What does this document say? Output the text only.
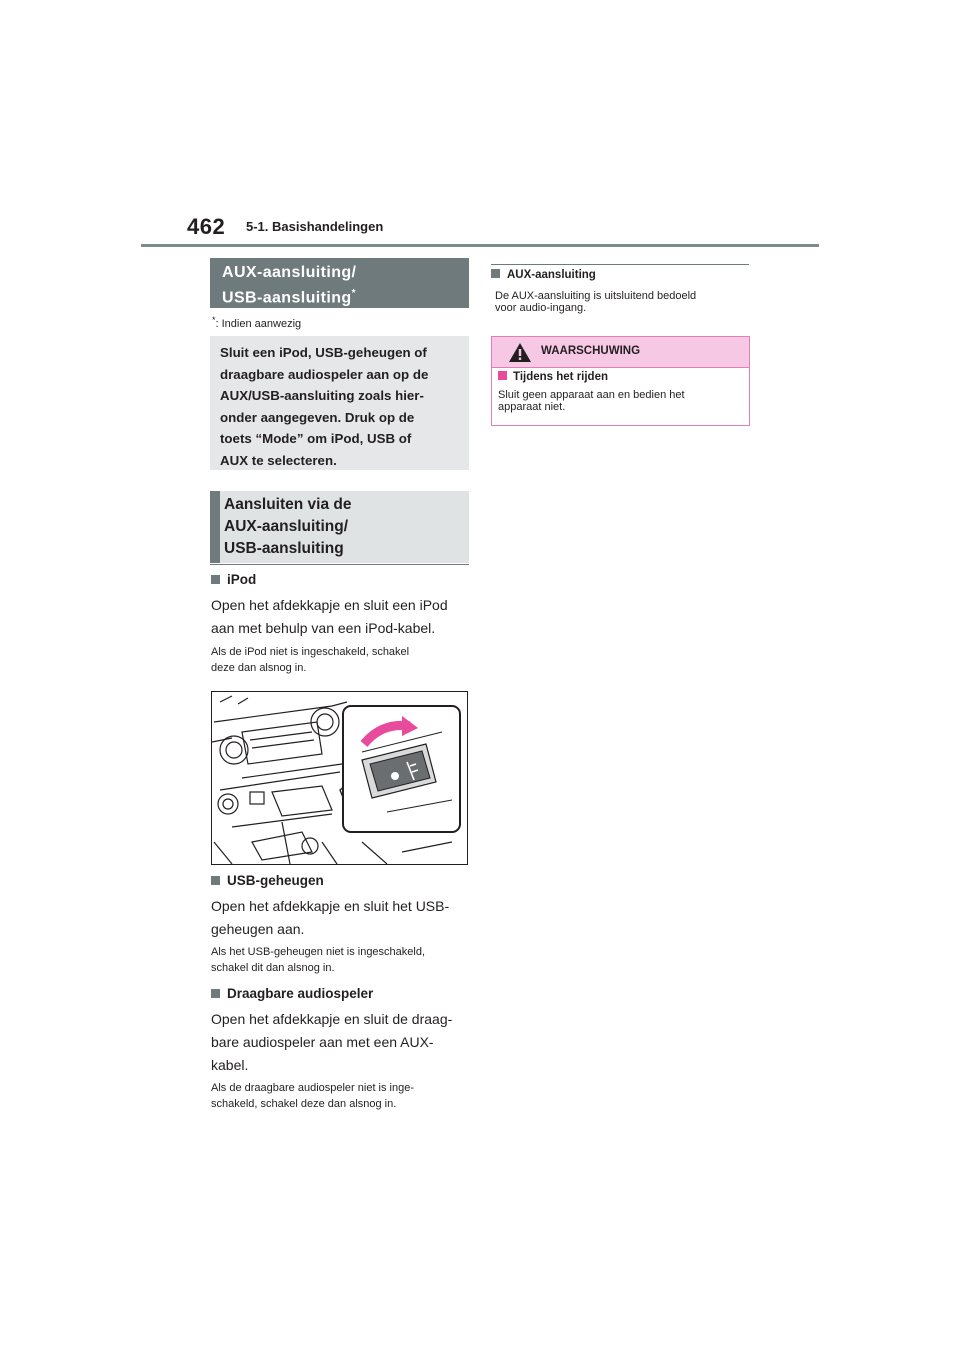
462 5-1. Basishandelingen
AUX-aansluiting/
USB-aansluiting*
*: Indien aanwezig
Sluit een iPod, USB-geheugen of
draagbare audiospeler aan op de
AUX/USB-aansluiting zoals hier-
onder aangegeven. Druk op de
toets “Mode” om iPod, USB of
AUX te selecteren.
Aansluiten via de
AUX-aansluiting/
USB-aansluiting
iPod
Open het afdekkapje en sluit een iPod
aan met behulp van een iPod-kabel.
Als de iPod niet is ingeschakeld, schakel
deze dan alsnog in.
USB-geheugen
Open het afdekkapje en sluit het USB-
geheugen aan.
Als het USB-geheugen niet is ingeschakeld,
schakel dit dan alsnog in.
Draagbare audiospeler
Open het afdekkapje en sluit de draag-
bare audiospeler aan met een AUX-
kabel.
Als de draagbare audiospeler niet is inge-
schakeld, schakel deze dan alsnog in.
AUX-aansluiting
De AUX-aansluiting is uitsluitend bedoeld
voor audio-ingang.
WAARSCHUWING
Tijdens het rijden
Sluit geen apparaat aan en bedien het
apparaat niet.
